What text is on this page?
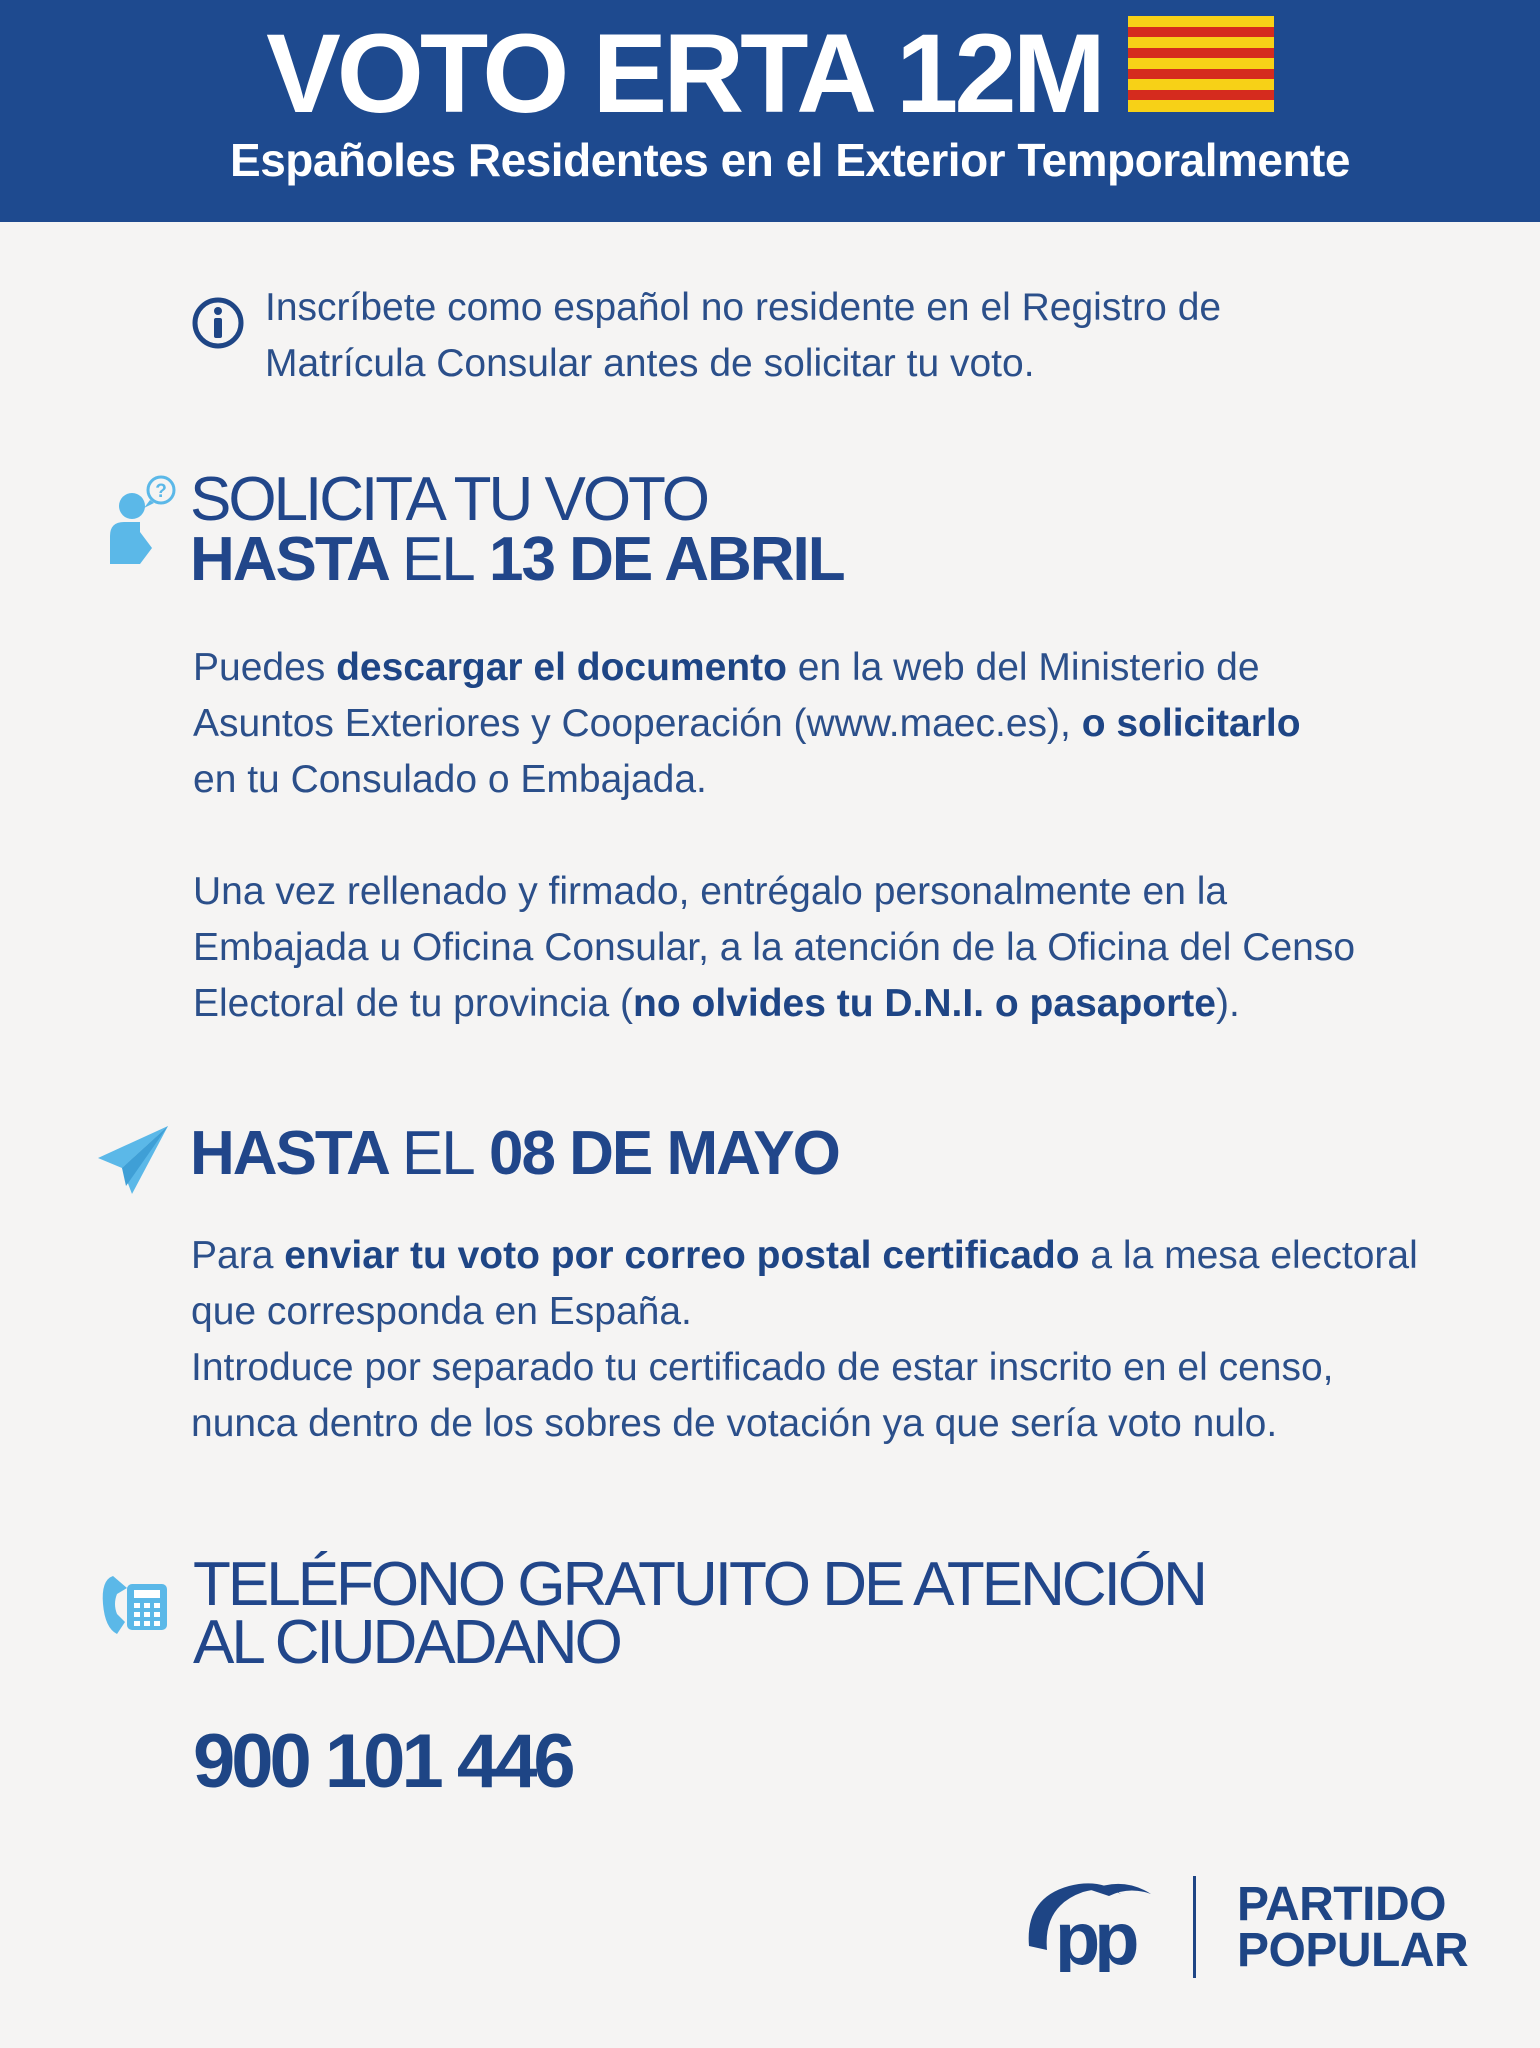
VOTO ERTA 12M
Españoles Residentes en el Exterior Temporalmente
Inscríbete como español no residente en el Registro de
Matrícula Consular antes de solicitar tu voto.
? SOLICITA TU VOTO
HASTA EL 13 DE ABRIL
Puedes descargar el documento en la web del Ministerio de
Asuntos Exteriores y Cooperación (www.maec.es), o solicitarlo
en tu Consulado o Embajada.
Una vez rellenado y firmado, entrégalo personalmente en la
Embajada u Oficina Consular, a la atención de la Oficina del Censo
Electoral de tu provincia (no olvides tu D.N.I. o pasaporte).
HASTA EL 08 DE MAYO
Para enviar tu voto por correo postal certificado a la mesa electoral
que corresponda en España.
Introduce por separado tu certificado de estar inscrito en el censo,
nunca dentro de los sobres de votación ya que sería voto nulo.
TELÉFONO GRATUITO DE ATENCIÓN
AL CIUDADANO
900 101 446
pp PARTIDO
POPULAR
